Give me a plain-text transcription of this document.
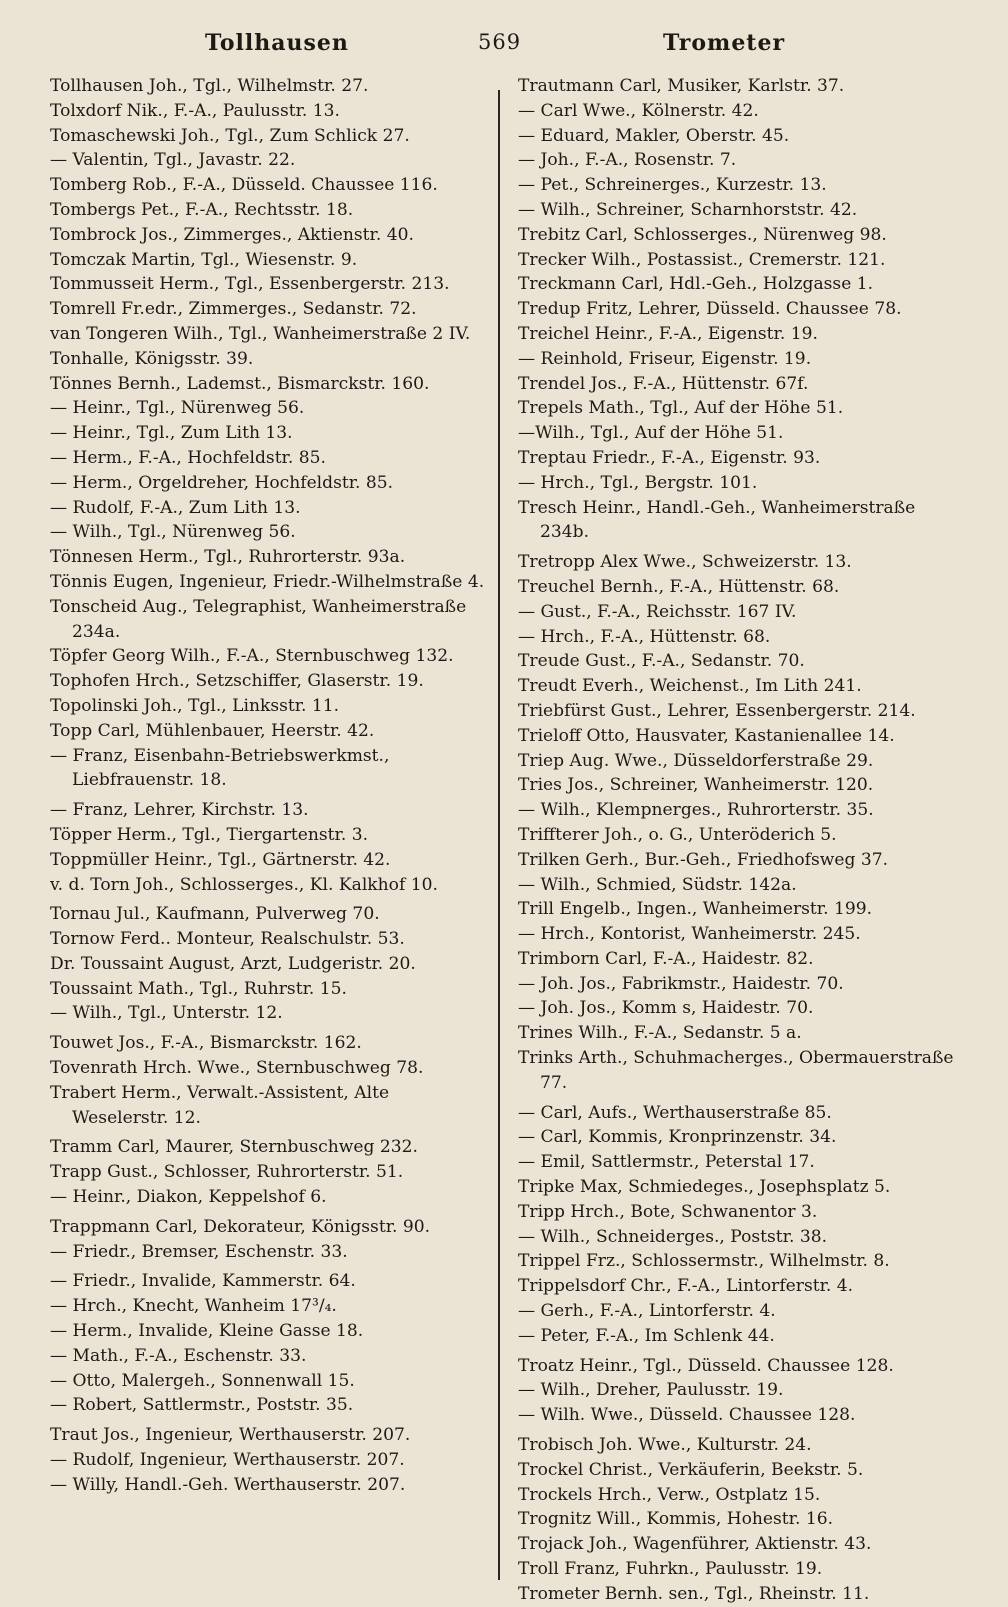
Tollhausen	569	Trometer
Tollhausen Joh., Tgl., Wilhelmstr. 27.
Tolxdorf Nik., F.-A., Paulusstr. 13.
Tomaschewski Joh., Tgl., Zum Schlick 27.
— Valentin, Tgl., Javastr. 22.
Tomberg Rob., F.-A., Düsseld. Chaussee 116.
Tombergs Pet., F.-A., Rechtsstr. 18.
Tombrock Jos., Zimmerges., Aktienstr. 40.
Tomczak Martin, Tgl., Wiesenstr. 9.
Tommusseit Herm., Tgl., Essenbergerstr. 213.
Tomrell Fr.edr., Zimmerges., Sedanstr. 72.
van Tongeren Wilh., Tgl., Wanheimerstraße 2 IV.
Tonhalle, Königsstr. 39.
Tönnes Bernh., Lademst., Bismarckstr. 160.
— Heinr., Tgl., Nürenweg 56.
— Heinr., Tgl., Zum Lith 13.
— Herm., F.-A., Hochfeldstr. 85.
— Herm., Orgeldreher, Hochfeldstr. 85.
— Rudolf, F.-A., Zum Lith 13.
— Wilh., Tgl., Nürenweg 56.
Tönnesen Herm., Tgl., Ruhrorterstr. 93a.
Tönnis Eugen, Ingenieur, Friedr.-Wilhelmstraße 4.
Tonscheid Aug., Telegraphist, Wanheimerstraße 234a.
Töpfer Georg Wilh., F.-A., Sternbuschweg 132.
Tophofen Hrch., Setzschiffer, Glaserstr. 19.
Topolinski Joh., Tgl., Linksstr. 11.
Topp Carl, Mühlenbauer, Heerstr. 42.
— Franz, Eisenbahn-Betriebswerkmst., Liebfrauenstr. 18.
— Franz, Lehrer, Kirchstr. 13.
Töpper Herm., Tgl., Tiergartenstr. 3.
Toppmüller Heinr., Tgl., Gärtnerstr. 42.
v. d. Torn Joh., Schlosserges., Kl. Kalkhof 10.
Tornau Jul., Kaufmann, Pulverweg 70.
Tornow Ferd.. Monteur, Realschulstr. 53.
Dr. Toussaint August, Arzt, Ludgeristr. 20.
Toussaint Math., Tgl., Ruhrstr. 15.
— Wilh., Tgl., Unterstr. 12.
Touwet Jos., F.-A., Bismarckstr. 162.
Tovenrath Hrch. Wwe., Sternbuschweg 78.
Trabert Herm., Verwalt.-Assistent, Alte Weselerstr. 12.
Tramm Carl, Maurer, Sternbuschweg 232.
Trapp Gust., Schlosser, Ruhrorterstr. 51.
— Heinr., Diakon, Keppelshof 6.
Trappmann Carl, Dekorateur, Königsstr. 90.
— Friedr., Bremser, Eschenstr. 33.
— Friedr., Invalide, Kammerstr. 64.
— Hrch., Knecht, Wanheim 17³/₄.
— Herm., Invalide, Kleine Gasse 18.
— Math., F.-A., Eschenstr. 33.
— Otto, Malergeh., Sonnenwall 15.
— Robert, Sattlermstr., Poststr. 35.
Traut Jos., Ingenieur, Werthauserstr. 207.
— Rudolf, Ingenieur, Werthauserstr. 207.
— Willy, Handl.-Geh. Werthauserstr. 207.
Trautmann Carl, Musiker, Karlstr. 37.
— Carl Wwe., Kölnerstr. 42.
— Eduard, Makler, Oberstr. 45.
— Joh., F.-A., Rosenstr. 7.
— Pet., Schreinerges., Kurzestr. 13.
— Wilh., Schreiner, Scharnhorststr. 42.
Trebitz Carl, Schlosserges., Nürenweg 98.
Trecker Wilh., Postassist., Cremerstr. 121.
Treckmann Carl, Hdl.-Geh., Holzgasse 1.
Tredup Fritz, Lehrer, Düsseld. Chaussee 78.
Treichel Heinr., F.-A., Eigenstr. 19.
— Reinhold, Friseur, Eigenstr. 19.
Trendel Jos., F.-A., Hüttenstr. 67f.
Trepels Math., Tgl., Auf der Höhe 51.
—Wilh., Tgl., Auf der Höhe 51.
Treptau Friedr., F.-A., Eigenstr. 93.
— Hrch., Tgl., Bergstr. 101.
Tresch Heinr., Handl.-Geh., Wanheimerstraße 234b.
Tretropp Alex Wwe., Schweizerstr. 13.
Treuchel Bernh., F.-A., Hüttenstr. 68.
— Gust., F.-A., Reichsstr. 167 IV.
— Hrch., F.-A., Hüttenstr. 68.
Treude Gust., F.-A., Sedanstr. 70.
Treudt Everh., Weichenst., Im Lith 241.
Triebfürst Gust., Lehrer, Essenbergerstr. 214.
Trieloff Otto, Hausvater, Kastanienallee 14.
Triep Aug. Wwe., Düsseldorferstraße 29.
Tries Jos., Schreiner, Wanheimerstr. 120.
— Wilh., Klempnerges., Ruhrorterstr. 35.
Triffterer Joh., o. G., Unteröderich 5.
Trilken Gerh., Bur.-Geh., Friedhofsweg 37.
— Wilh., Schmied, Südstr. 142a.
Trill Engelb., Ingen., Wanheimerstr. 199.
— Hrch., Kontorist, Wanheimerstr. 245.
Trimborn Carl, F.-A., Haidestr. 82.
— Joh. Jos., Fabrikmstr., Haidestr. 70.
— Joh. Jos., Komm s, Haidestr. 70.
Trines Wilh., F.-A., Sedanstr. 5 a.
Trinks Arth., Schuhmacherges., Obermauerstraße 77.
— Carl, Aufs., Werthauserstraße 85.
— Carl, Kommis, Kronprinzenstr. 34.
— Emil, Sattlermstr., Peterstal 17.
Tripke Max, Schmiedeges., Josephsplatz 5.
Tripp Hrch., Bote, Schwanentor 3.
— Wilh., Schneiderges., Poststr. 38.
Trippel Frz., Schlossermstr., Wilhelmstr. 8.
Trippelsdorf Chr., F.-A., Lintorferstr. 4.
— Gerh., F.-A., Lintorferstr. 4.
— Peter, F.-A., Im Schlenk 44.
Troatz Heinr., Tgl., Düsseld. Chaussee 128.
— Wilh., Dreher, Paulusstr. 19.
— Wilh. Wwe., Düsseld. Chaussee 128.
Trobisch Joh. Wwe., Kulturstr. 24.
Trockel Christ., Verkäuferin, Beekstr. 5.
Trockels Hrch., Verw., Ostplatz 15.
Trognitz Will., Kommis, Hohestr. 16.
Trojack Joh., Wagenführer, Aktienstr. 43.
Troll Franz, Fuhrkn., Paulusstr. 19.
Trometer Bernh. sen., Tgl., Rheinstr. 11.
